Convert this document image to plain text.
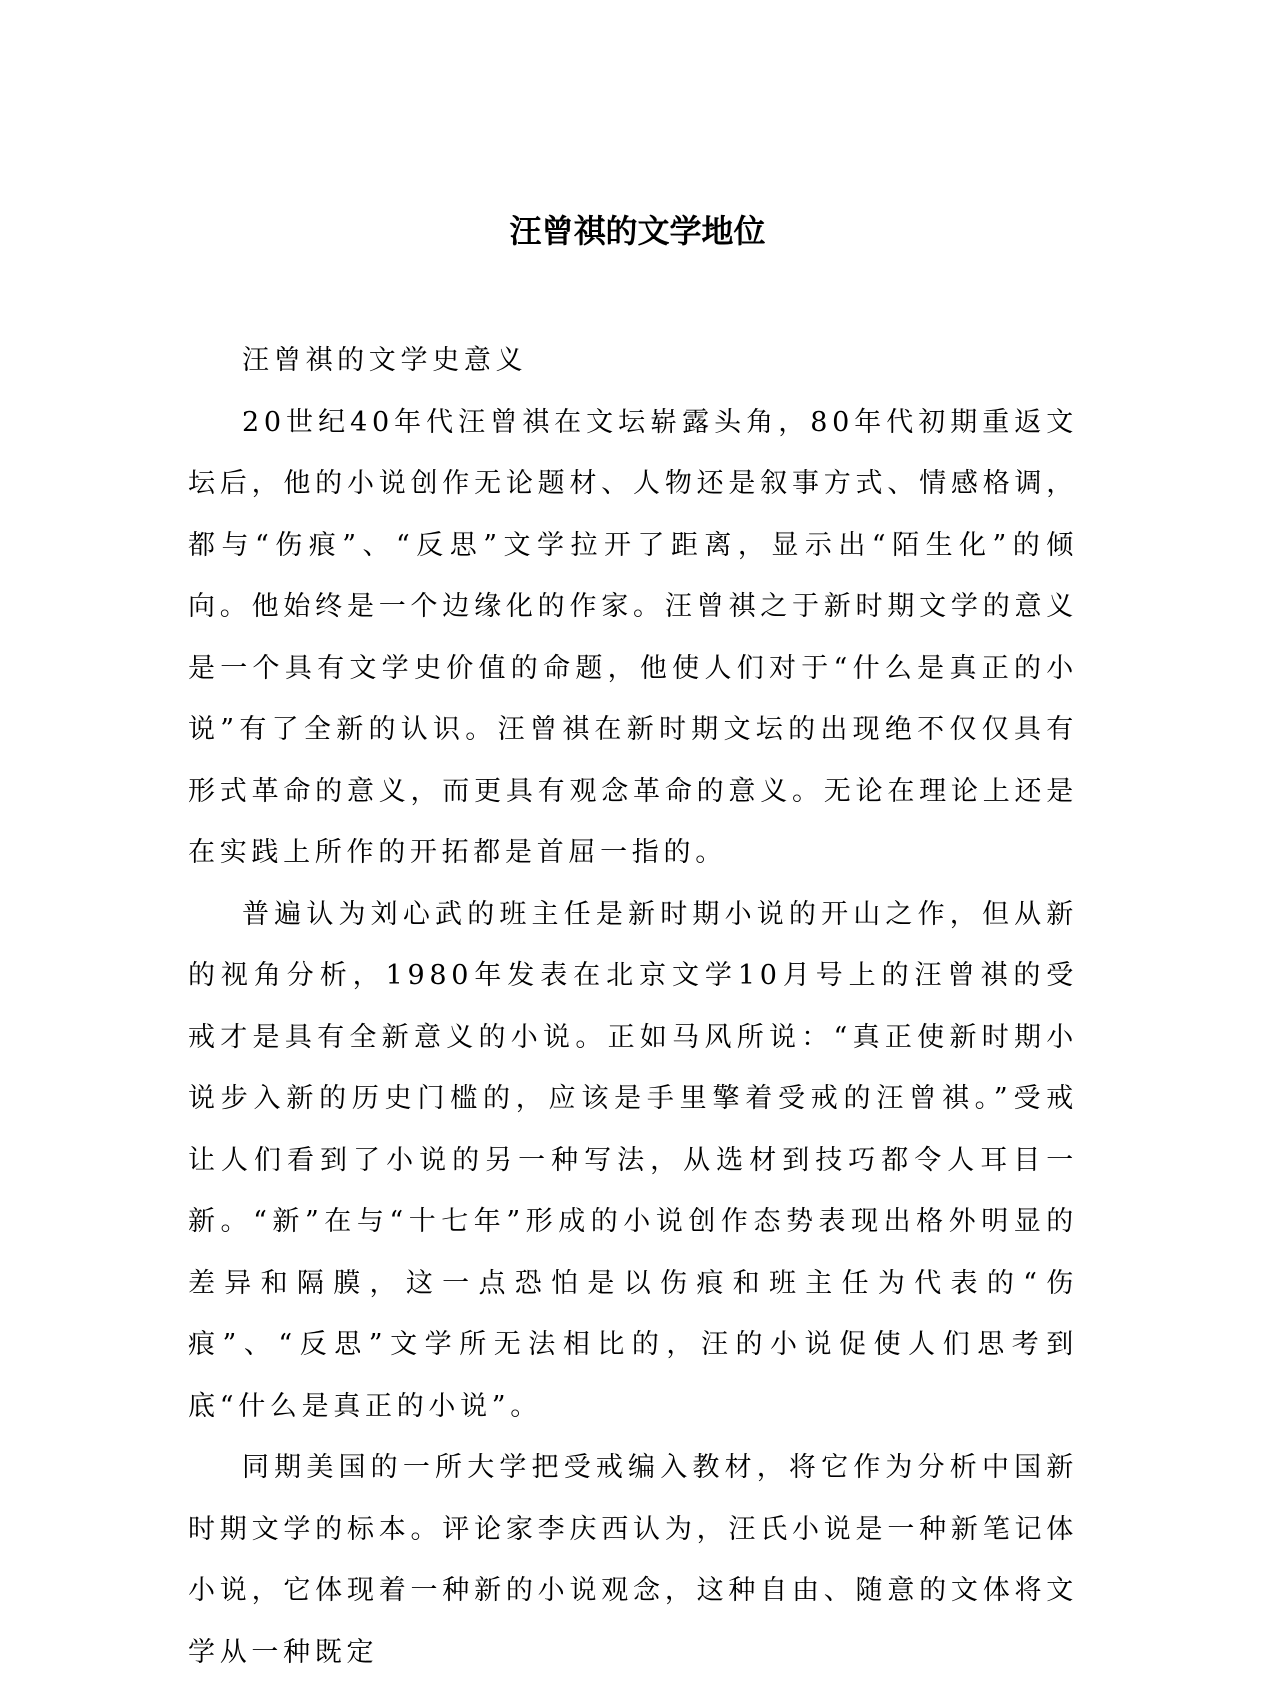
汪曾祺的文学地位

汪曾祺的文学史意义

20世纪40年代汪曾祺在文坛崭露头角，80年代初期重返文坛后，他的小说创作无论题材、人物还是叙事方式、情感格调，都与“伤痕”、“反思”文学拉开了距离，显示出“陌生化”的倾向。他始终是一个边缘化的作家。汪曾祺之于新时期文学的意义是一个具有文学史价值的命题，他使人们对于“什么是真正的小说”有了全新的认识。汪曾祺在新时期文坛的出现绝不仅仅具有形式革命的意义，而更具有观念革命的意义。无论在理论上还是在实践上所作的开拓都是首屈一指的。

普遍认为刘心武的班主任是新时期小说的开山之作，但从新的视角分析，1980年发表在北京文学10月号上的汪曾祺的受戒才是具有全新意义的小说。正如马风所说：“真正使新时期小说步入新的历史门槛的，应该是手里擎着受戒的汪曾祺。”受戒让人们看到了小说的另一种写法，从选材到技巧都令人耳目一新。“新”在与“十七年”形成的小说创作态势表现出格外明显的差异和隔膜，这一点恐怕是以伤痕和班主任为代表的“伤痕”、“反思”文学所无法相比的，汪的小说促使人们思考到底“什么是真正的小说”。

同期美国的一所大学把受戒编入教材，将它作为分析中国新时期文学的标本。评论家李庆西认为，汪氏小说是一种新笔记体小说，它体现着一种新的小说观念，这种自由、随意的文体将文学从一种既定
